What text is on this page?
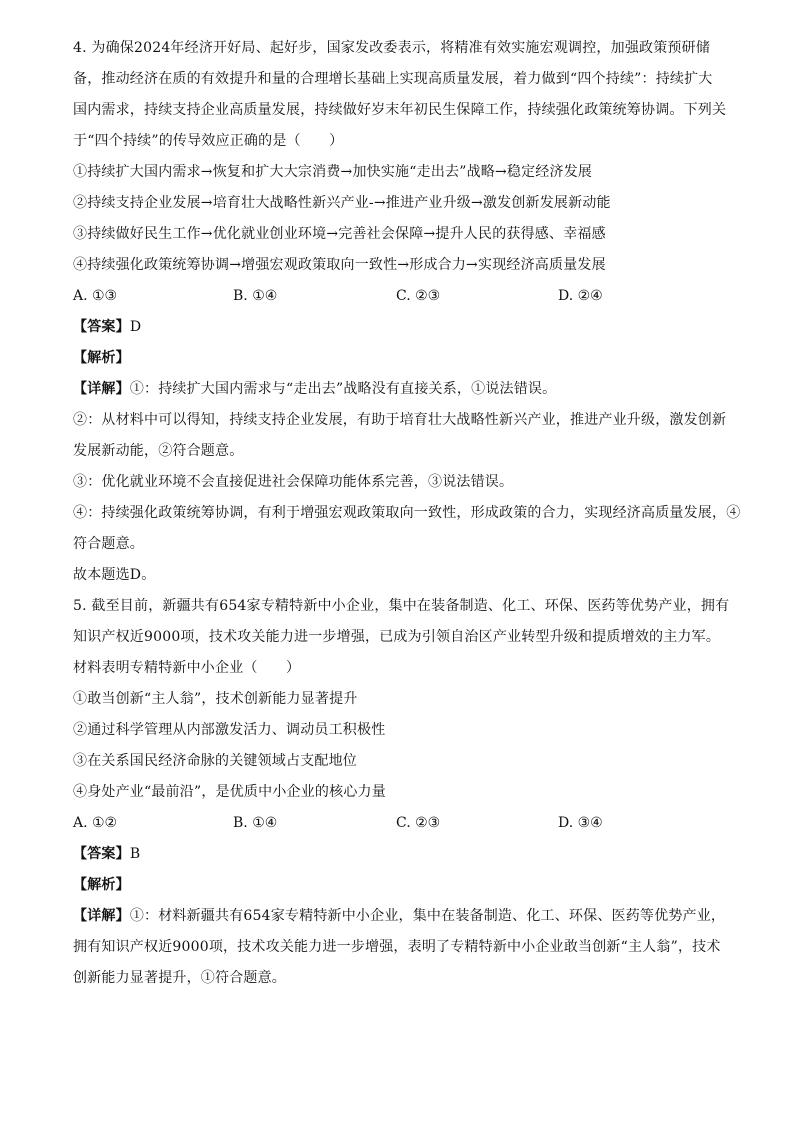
4. 为确保2024年经济开好局、起好步，国家发改委表示，将精准有效实施宏观调控，加强政策预研储
备，推动经济在质的有效提升和量的合理增长基础上实现高质量发展，着力做到“四个持续”：持续扩大
国内需求，持续支持企业高质量发展，持续做好岁末年初民生保障工作，持续强化政策统筹协调。下列关
于“四个持续”的传导效应正确的是（　　）
①持续扩大国内需求→恢复和扩大大宗消费→加快实施“走出去”战略→稳定经济发展
②持续支持企业发展→培育壮大战略性新兴产业-→推进产业升级→激发创新发展新动能
③持续做好民生工作→优化就业创业环境→完善社会保障→提升人民的获得感、幸福感
④持续强化政策统筹协调→增强宏观政策取向一致性→形成合力→实现经济高质量发展
A. ①③	B. ①④	C. ②③	D. ②④
【答案】D
【解析】
【详解】①：持续扩大国内需求与“走出去”战略没有直接关系，①说法错误。
②：从材料中可以得知，持续支持企业发展，有助于培育壮大战略性新兴产业，推进产业升级，激发创新
发展新动能，②符合题意。
③：优化就业环境不会直接促进社会保障功能体系完善，③说法错误。
④：持续强化政策统筹协调，有利于增强宏观政策取向一致性，形成政策的合力，实现经济高质量发展，④
符合题意。
故本题选D。
5. 截至目前，新疆共有654家专精特新中小企业，集中在装备制造、化工、环保、医药等优势产业，拥有
知识产权近9000项，技术攻关能力进一步增强，已成为引领自治区产业转型升级和提质增效的主力军。
材料表明专精特新中小企业（　　）
①敢当创新“主人翁”，技术创新能力显著提升
②通过科学管理从内部激发活力、调动员工积极性
③在关系国民经济命脉的关键领域占支配地位
④身处产业“最前沿”，是优质中小企业的核心力量
A. ①②	B. ①④	C. ②③	D. ③④
【答案】B
【解析】
【详解】①：材料新疆共有654家专精特新中小企业，集中在装备制造、化工、环保、医药等优势产业，
拥有知识产权近9000项，技术攻关能力进一步增强，表明了专精特新中小企业敢当创新“主人翁”，技术
创新能力显著提升，①符合题意。
